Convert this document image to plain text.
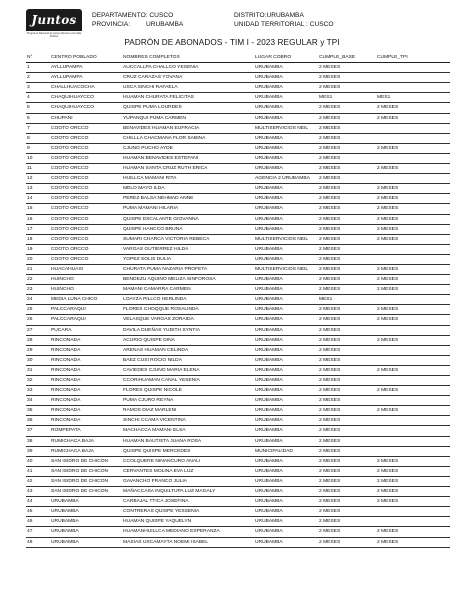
Juntos
Programa Nacional de Apoyo Directo a los Más Pobres
DEPARTAMENTO: CUSCO
PROVINCIA: URUBAMBA
DISTRITO:URUBAMBA
UNIDAD TERRITORIAL : CUSCO
PADRÓN DE ABONADOS - TIM I - 2023 REGULAR y TPI
N°	CENTRO POBLADO	NOMBRES COMPLETOS	LUGAR COBRO	CUMPLE_BASE	CUMPLE_TPI
1	AYLLUPAMPA	AUCCALLPA CHALLCO YESENIA	URUBAMBA	2 MESES	
2	AYLLUPAMPA	CRUZ CARAZAS YOVANA	URUBAMBA	2 MESES	
3	CHALLHUACOCHA	USCA SINCHI RAFAELA	URUBAMBA	2 MESES	
4	CHAQUIHUAYCCO	HUAMAN CHURATA FELICITAS	URUBAMBA	MES1	MES1
5	CHAQUIHUAYCCO	QUISPE PUMA LOURDES	URUBAMBA	2 MESES	2 MESES
6	CHUPANI	YUPANQUI PUMA CARMEN	URUBAMBA	2 MESES	2 MESES
7	COOTO ORCCO	BENAVIDES HUAMAN EUFRACIA	MULTISERVICIOS NEIL	2 MESES	
8	COOTO ORCCO	CHILLLA CHACMANA FLOR SABINA	URUBAMBA	2 MESES	
9	COOTO ORCCO	CJUNO PUCHO AYDE	URUBAMBA	2 MESES	2 MESES
10	COOTO ORCCO	HUAMAN BENAVIDES ESTEFANI	URUBAMBA	2 MESES	
11	COOTO ORCCO	HUAMAN SANTA CRUZ RUTH ERICA	URUBAMBA	2 MESES	2 MESES
12	COOTO ORCCO	HUILLCA MAMANI RITA	AGENCIA 2 URUBAMBA	2 MESES	
13	COOTO ORCCO	MELO MAYO ILDA	URUBAMBA	2 MESES	2 MESES
14	COOTO ORCCO	PEREZ BALSA NEHMAD ANNE	URUBAMBA	2 MESES	2 MESES
15	COOTO ORCCO	PUMA MAMANI HILARIA	URUBAMBA	2 MESES	2 MESES
16	COOTO ORCCO	QUISPE ESCALANTE GIOVANNA	URUBAMBA	2 MESES	2 MESES
17	COOTO ORCCO	QUISPE HANCCO BRUNA	URUBAMBA	2 MESES	2 MESES
18	COOTO ORCCO	SUMARI CHARCA VICTORIA REBECA	MULTISERVICIOS NEIL	2 MESES	2 MESES
19	COOTO ORCCO	VARGAS GUTIERREZ HILDA	URUBAMBA	2 MESES	
20	COOTO ORCCO	YOPEZ SOLIS DULIA	URUBAMBA	2 MESES	
21	HUACAHUASI	CHURATA PUMA NAZARIA PROFETA	MULTISERVICIOS NEIL	2 MESES	2 MESES
22	HUINCHO	BENDEZU AQUINO MELIZA SINFOROSA	URUBAMBA	2 MESES	2 MESES
23	HUINCHO	MAMANI CAMARRA CARMEN	URUBAMBA	2 MESES	2 MESES
24	MEDIA LUNA CHICO	LOAYZA PILLCO HERLINDA	URUBAMBA	MES1	
25	PALCCARAQUI	FLORES CHOQQUE ROSALINDA	URUBAMBA	2 MESES	2 MESES
26	PALCCARAQUI	VELASQUE VARGAS ZORAIDA	URUBAMBA	2 MESES	2 MESES
27	PUCARA	DAVILA DUEÑAS YUDITH SYNTIA	URUBAMBA	2 MESES	
28	RINCONADA	ACURIO QUISPE DINA	URUBAMBA	2 MESES	2 MESES
29	RINCONADA	ARENAS HUAMAN CELINDA	URUBAMBA	2 MESES	
30	RINCONADA	BAEZ CUSI ROCIO NILDA	URUBAMBA	2 MESES	
31	RINCONADA	CAVIEDES CJUNO MARIA ELENA	URUBAMBA	2 MESES	2 MESES
32	RINCONADA	CCORIHUAMAN CANAL YESENIA	URUBAMBA	2 MESES	
33	RINCONADA	FLORES QUISPE NICOLE	URUBAMBA	2 MESES	2 MESES
34	RINCONADA	PUMA CJURO REYNA	URUBAMBA	2 MESES	
35	RINCONADA	RAMOS DIAZ MARLENI	URUBAMBA	2 MESES	2 MESES
36	RINCONADA	SINCHI CCAMA VICENTINA	URUBAMBA	2 MESES	
37	ROMPEPATA	MACHACCA MAMANI ELSA	URUBAMBA	2 MESES	
38	RUMICHACA BAJA	HUAMAN BAUTISTA JUANA ROSA	URUBAMBA	2 MESES	
39	RUMICHACA BAJA	QUISPE QUISPE MERCEDES	MUNICIPALIDAD	2 MESES	
40	SAN ISIDRO DE CHICON	CCOLQUERE NINANCURO ANALI	URUBAMBA	2 MESES	2 MESES
41	SAN ISIDRO DE CHICON	CERVANTES MOLINA EVA LUZ	URUBAMBA	2 MESES	2 MESES
42	SAN ISIDRO DE CHICON	GAVANCHO FRANCO JULIA	URUBAMBA	2 MESES	2 MESES
43	SAN ISIDRO DE CHICON	MAÑACCASA INQUILTUPA LUZ MAGALY	URUBAMBA	2 MESES	2 MESES
44	URUBAMBA	CARBAJAL TTICA JOSEFINA	URUBAMBA	2 MESES	2 MESES
45	URUBAMBA	CONTRERAS QUISPE YESSENIA	URUBAMBA	2 MESES	
46	URUBAMBA	HUAMAN QUISPE YAQUELYN	URUBAMBA	2 MESES	
47	URUBAMBA	HUAMANHUILLCA MEDIANO ESPERANZA	URUBAMBA	2 MESES	2 MESES
48	URUBAMBA	MASIAS USCAMAYTA NOEMI ISABEL	URUBAMBA	2 MESES	2 MESES
